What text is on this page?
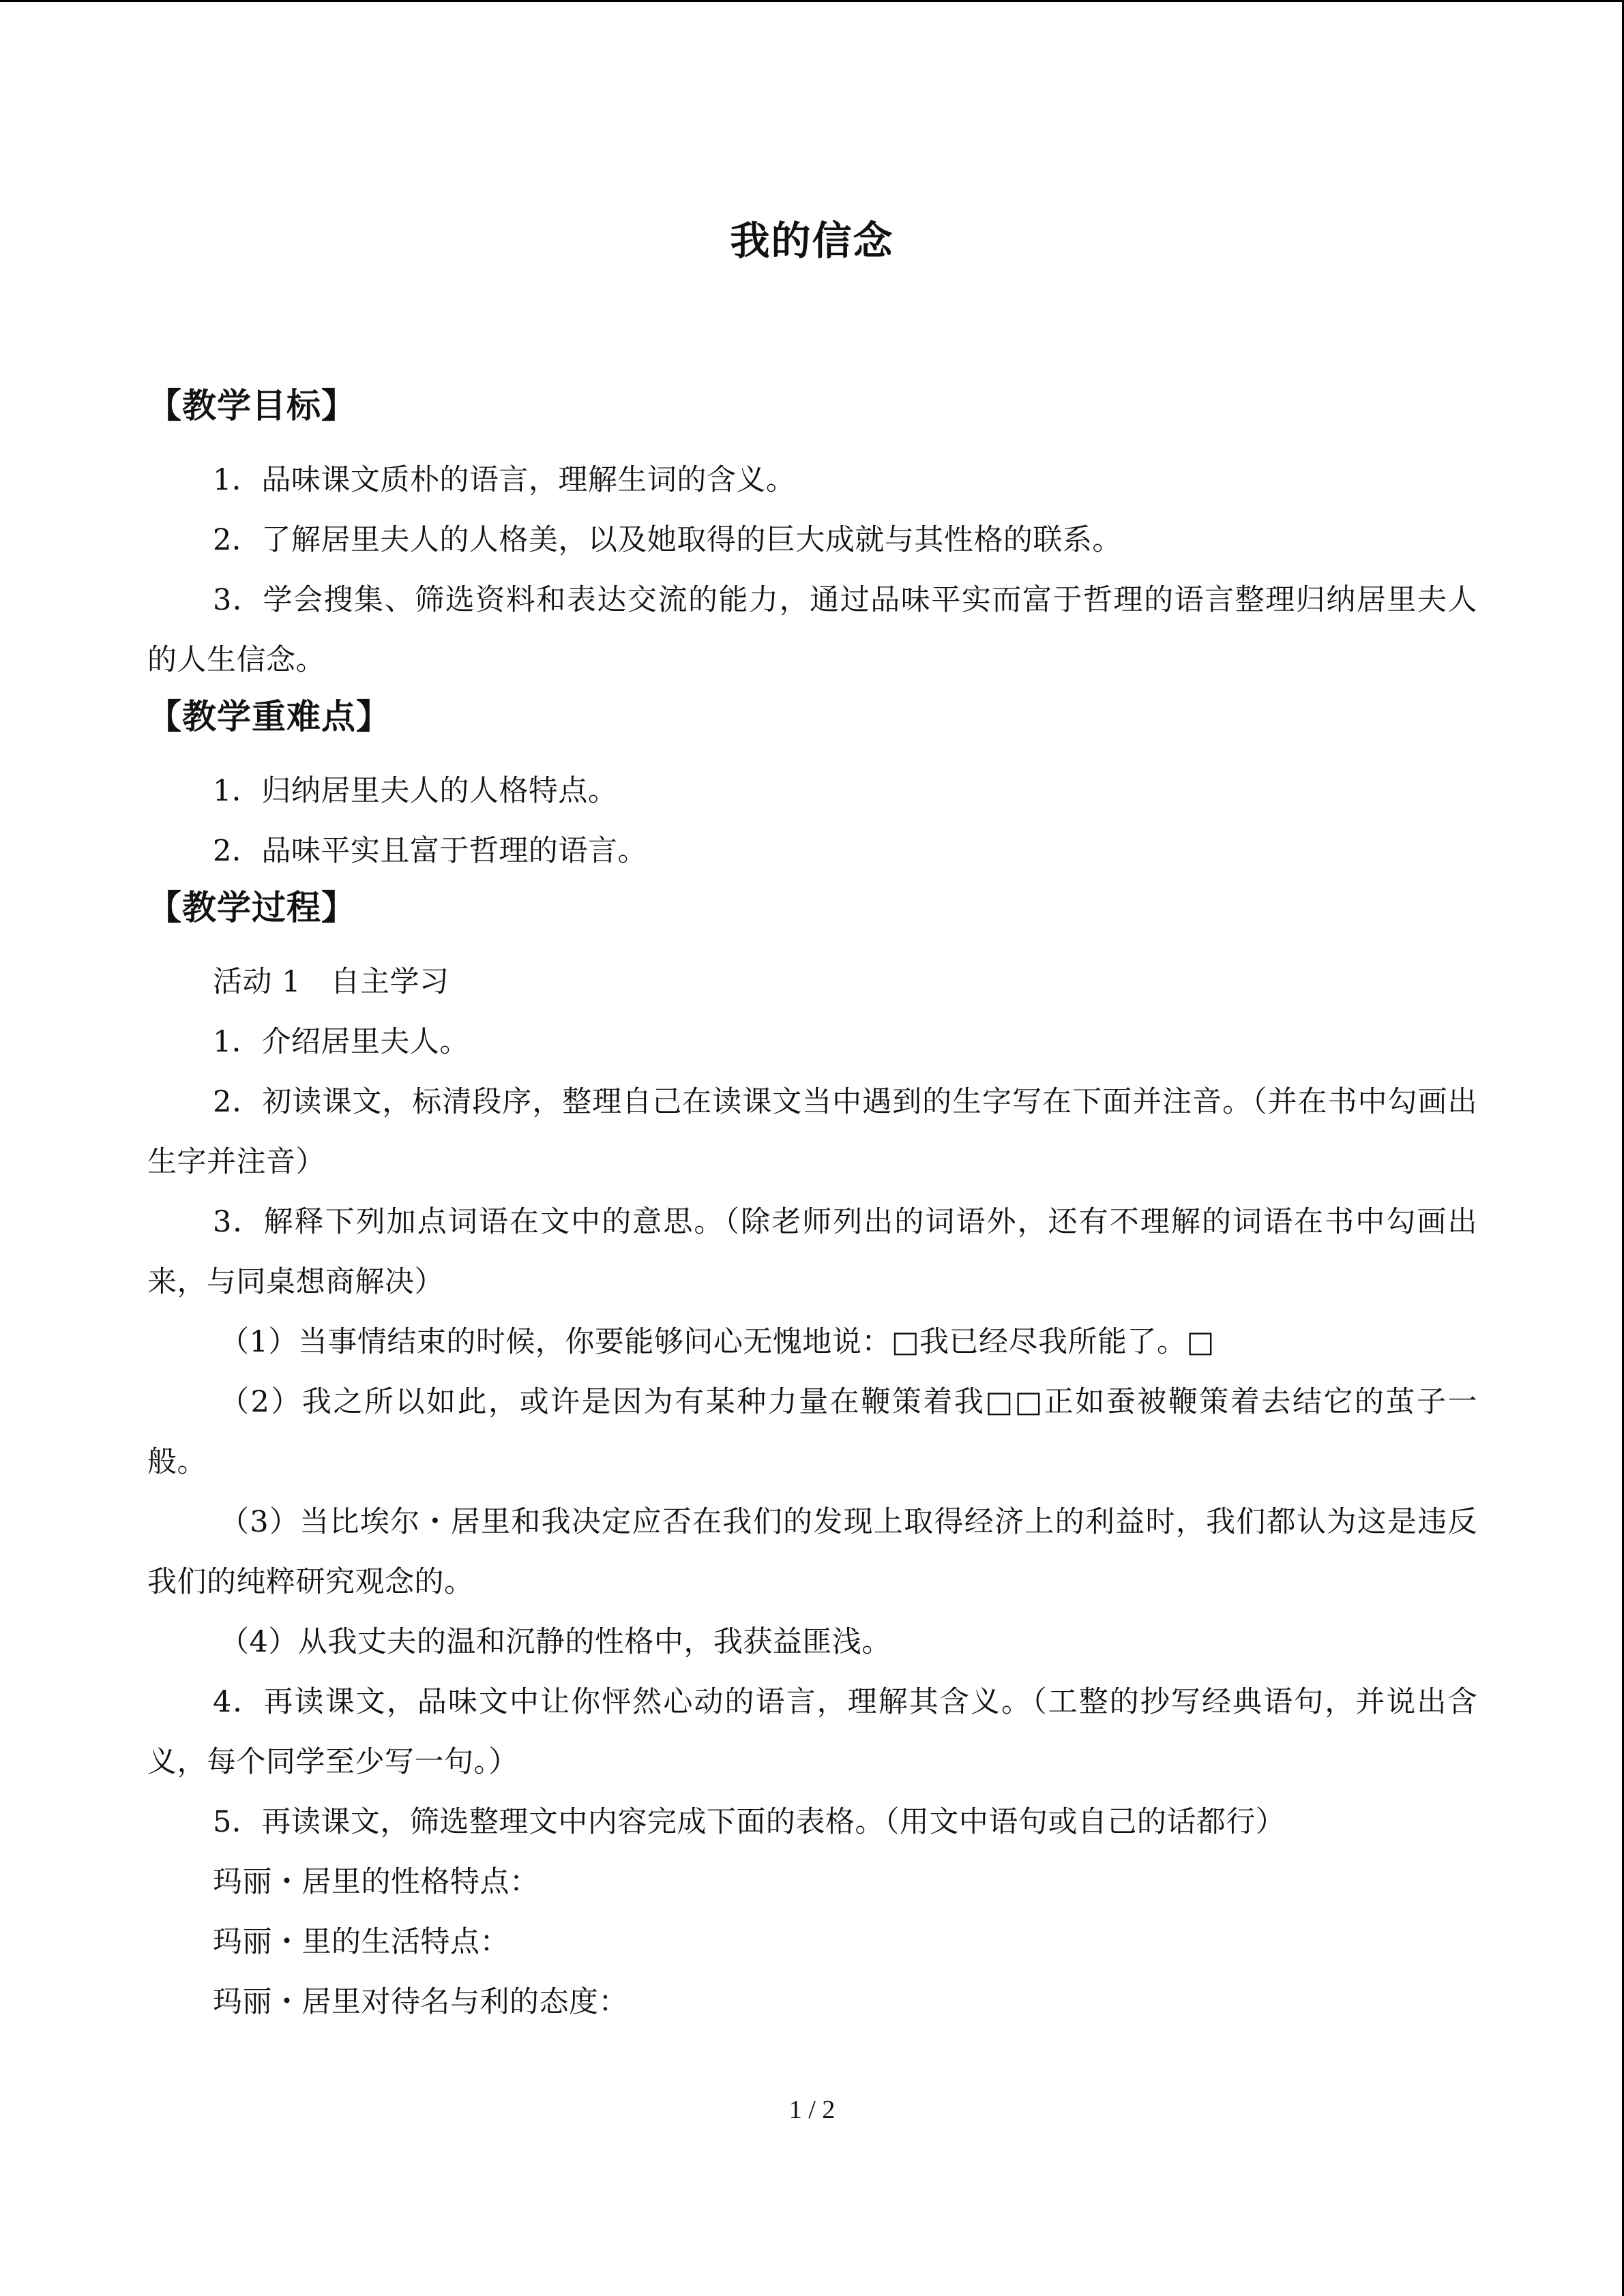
我的信念
【教学目标】
1．品味课文质朴的语言，理解生词的含义。
2．了解居里夫人的人格美，以及她取得的巨大成就与其性格的联系。
3．学会搜集、筛选资料和表达交流的能力，通过品味平实而富于哲理的语言整理归纳居里夫人的人生信念。
【教学重难点】
1．归纳居里夫人的人格特点。
2．品味平实且富于哲理的语言。
【教学过程】
活动 1　自主学习
1．介绍居里夫人。
2．初读课文，标清段序，整理自己在读课文当中遇到的生字写在下面并注音。（并在书中勾画出生字并注音）
3．解释下列加点词语在文中的意思。（除老师列出的词语外，还有不理解的词语在书中勾画出来，与同桌想商解决）
（1）当事情结束的时候，你要能够问心无愧地说：□我已经尽我所能了。□
（2）我之所以如此，或许是因为有某种力量在鞭策着我□□正如蚕被鞭策着去结它的茧子一般。
（3）当比埃尔・居里和我决定应否在我们的发现上取得经济上的利益时，我们都认为这是违反我们的纯粹研究观念的。
（4）从我丈夫的温和沉静的性格中，我获益匪浅。
4．再读课文，品味文中让你怦然心动的语言，理解其含义。（工整的抄写经典语句，并说出含义，每个同学至少写一句。）
5．再读课文，筛选整理文中内容完成下面的表格。（用文中语句或自己的话都行）
玛丽・居里的性格特点：
玛丽・里的生活特点：
玛丽・居里对待名与利的态度：
1 / 2
